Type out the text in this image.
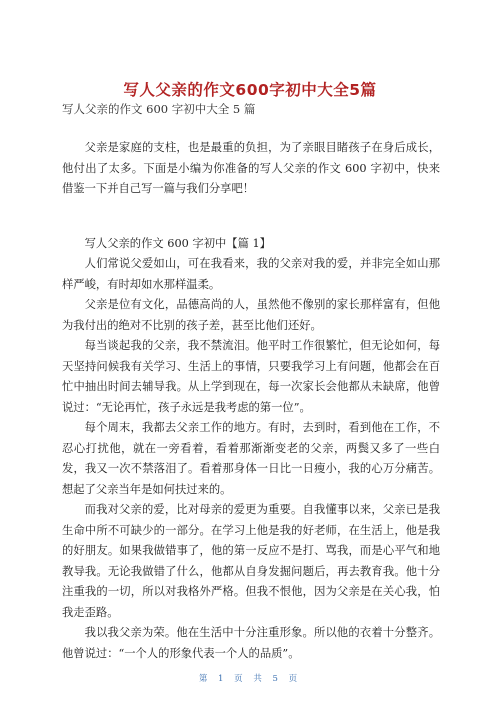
写人父亲的作文600字初中大全5篇
写人父亲的作文 600 字初中大全 5 篇

父亲是家庭的支柱，也是最重的负担，为了亲眼目睹孩子在身后成长，他付出了太多。下面是小编为你准备的写人父亲的作文 600 字初中，快来借鉴一下并自己写一篇与我们分享吧！

写人父亲的作文 600 字初中【篇 1】

人们常说父爱如山，可在我看来，我的父亲对我的爱，并非完全如山那样严峻，有时却如水那样温柔。

父亲是位有文化，品德高尚的人，虽然他不像别的家长那样富有，但他为我付出的绝对不比别的孩子差，甚至比他们还好。

每当谈起我的父亲，我不禁流泪。他平时工作很繁忙，但无论如何，每天坚持问候我有关学习、生活上的事情，只要我学习上有问题，他都会在百忙中抽出时间去辅导我。从上学到现在，每一次家长会他都从未缺席，他曾说过：“无论再忙，孩子永远是我考虑的第一位”。

每个周末，我都去父亲工作的地方。有时，去到时，看到他在工作，不忍心打扰他，就在一旁看着，看着那渐渐变老的父亲，两鬓又多了一些白发，我又一次不禁落泪了。看着那身体一日比一日瘦小，我的心万分痛苦。想起了父亲当年是如何扶过来的。

而我对父亲的爱，比对母亲的爱更为重要。自我懂事以来，父亲已是我生命中所不可缺少的一部分。在学习上他是我的好老师，在生活上，他是我的好朋友。如果我做错事了，他的第一反应不是打、骂我，而是心平气和地教导我。无论我做错了什么，他都从自身发掘问题后，再去教育我。他十分注重我的一切，所以对我格外严格。但我不恨他，因为父亲是在关心我，怕我走歪路。

我以我父亲为荣。他在生活中十分注重形象。所以他的衣着十分整齐。他曾说过：“一个人的形象代表一个人的品质”。

第 1 页 共 5 页
